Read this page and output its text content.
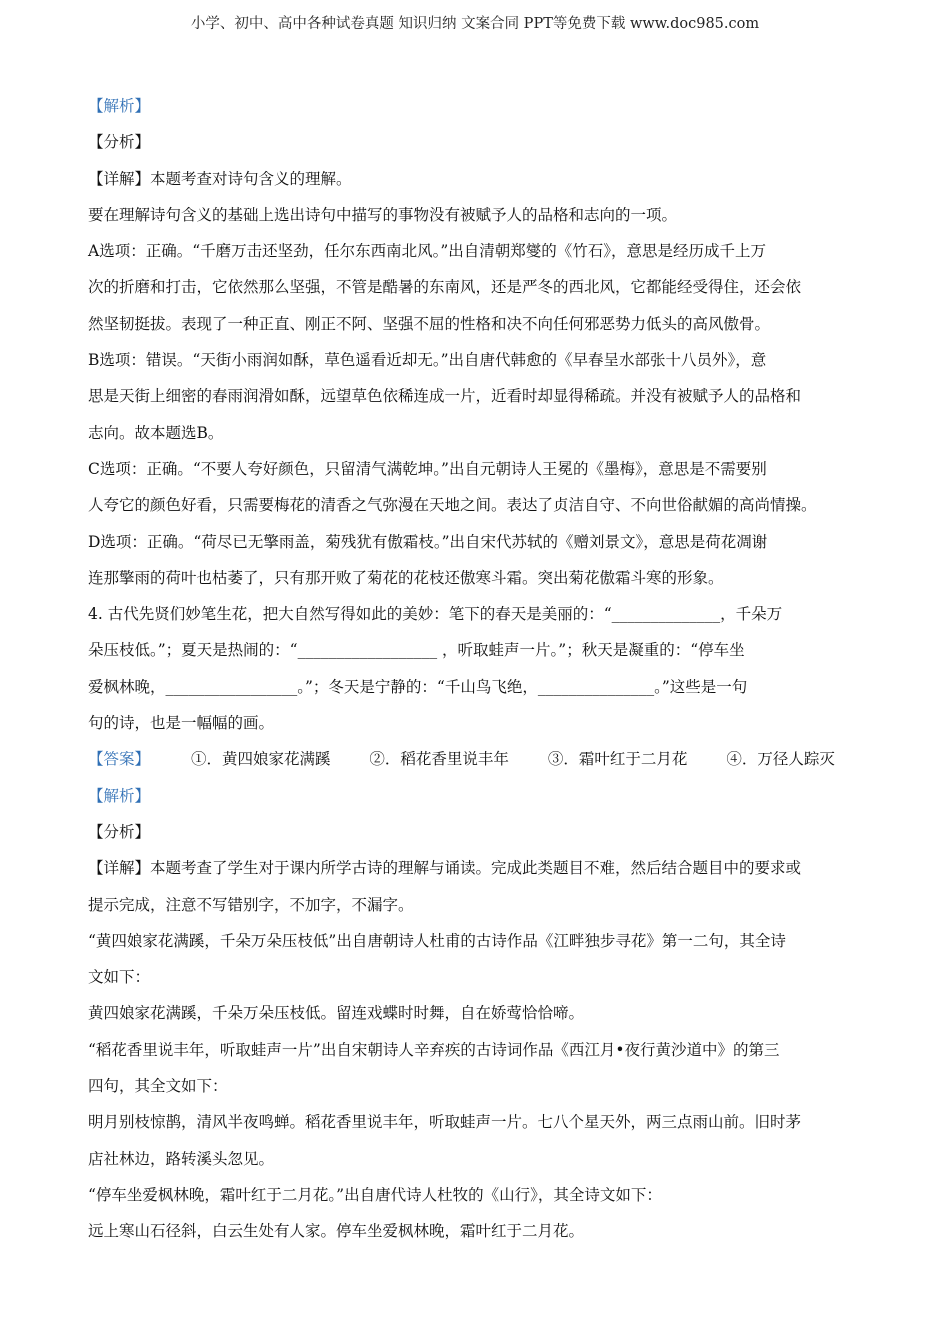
小学、初中、高中各种试卷真题 知识归纳 文案合同 PPT等免费下载 www.doc985.com
【解析】
【分析】
【详解】本题考查对诗句含义的理解。
要在理解诗句含义的基础上选出诗句中描写的事物没有被赋予人的品格和志向的一项。
A选项：正确。“千磨万击还坚劲，任尔东西南北风。”出自清朝郑燮的《竹石》，意思是经历成千上万
次的折磨和打击，它依然那么坚强，不管是酷暑的东南风，还是严冬的西北风，它都能经受得住，还会依
然坚韧挺拔。表现了一种正直、刚正不阿、坚强不屈的性格和决不向任何邪恶势力低头的高风傲骨。
B选项：错误。“天街小雨润如酥，草色遥看近却无。”出自唐代韩愈的《早春呈水部张十八员外》，意
思是天街上细密的春雨润滑如酥，远望草色依稀连成一片，近看时却显得稀疏。并没有被赋予人的品格和
志向。故本题选B。
C选项：正确。“不要人夸好颜色，只留清气满乾坤。”出自元朝诗人王冕的《墨梅》，意思是不需要别
人夸它的颜色好看，只需要梅花的清香之气弥漫在天地之间。表达了贞洁自守、不向世俗献媚的高尚情操。
D选项：正确。“荷尽已无擎雨盖，菊残犹有傲霜枝。”出自宋代苏轼的《赠刘景文》，意思是荷花凋谢
连那擎雨的荷叶也枯萎了，只有那开败了菊花的花枝还傲寒斗霜。突出菊花傲霜斗寒的形象。
4. 古代先贤们妙笔生花，把大自然写得如此的美妙：笔下的春天是美丽的：“______________，千朵万
朵压枝低。”；夏天是热闹的：“__________________ ，听取蛙声一片。”；秋天是凝重的：“停车坐
爱枫林晚，_________________。”；冬天是宁静的：“千山鸟飞绝，_______________。”这些是一句
句的诗，也是一幅幅的画。
【答案】	①．黄四娘家花满蹊	②．稻花香里说丰年	③．霜叶红于二月花	④．万径人踪灭
【解析】
【分析】
【详解】本题考查了学生对于课内所学古诗的理解与诵读。完成此类题目不难，然后结合题目中的要求或
提示完成，注意不写错别字，不加字，不漏字。
“黄四娘家花满蹊，千朵万朵压枝低”出自唐朝诗人杜甫的古诗作品《江畔独步寻花》第一二句，其全诗
文如下：
黄四娘家花满蹊，千朵万朵压枝低。留连戏蝶时时舞，自在娇莺恰恰啼。
“稻花香里说丰年，听取蛙声一片”出自宋朝诗人辛弃疾的古诗词作品《西江月•夜行黄沙道中》的第三
四句，其全文如下：
明月别枝惊鹊，清风半夜鸣蝉。稻花香里说丰年，听取蛙声一片。七八个星天外，两三点雨山前。旧时茅
店社林边，路转溪头忽见。
“停车坐爱枫林晚，霜叶红于二月花。”出自唐代诗人杜牧的《山行》，其全诗文如下：
远上寒山石径斜，白云生处有人家。停车坐爱枫林晚，霜叶红于二月花。
